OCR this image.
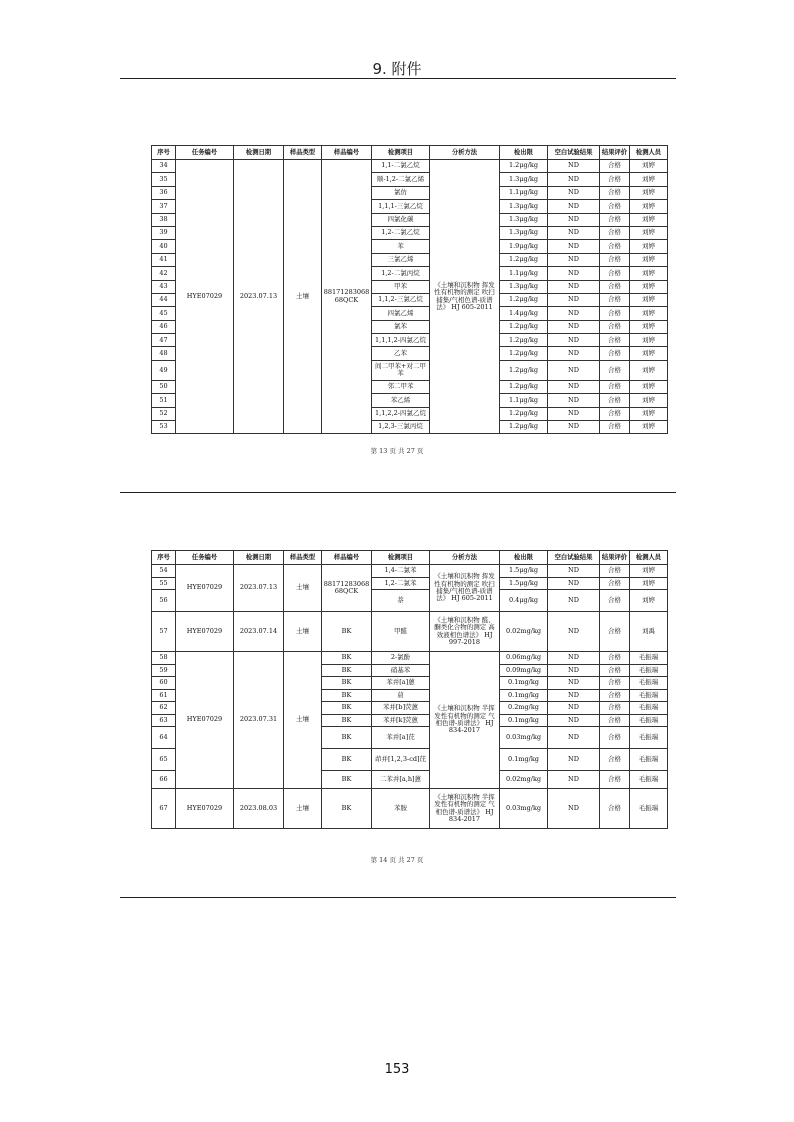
9. 附件
序号	任务编号	检测日期	样品类型	样品编号	检测项目	分析方法	检出限	空白试验结果	结果评价	检测人员
34	HYE07029	2023.07.13	土壤	88171283068 68QCK	1,1-二氯乙烷	《土壤和沉积物 挥发性有机物的测定 吹扫捕集/气相色谱-质谱法》 HJ 605-2011	1.2μg/kg	ND	合格	刘婷
35					顺-1,2-二氯乙烯		1.3μg/kg	ND	合格	刘婷
36					氯仿		1.1μg/kg	ND	合格	刘婷
37					1,1,1-三氯乙烷		1.3μg/kg	ND	合格	刘婷
38					四氯化碳		1.3μg/kg	ND	合格	刘婷
39					1,2-二氯乙烷		1.3μg/kg	ND	合格	刘婷
40					苯		1.9μg/kg	ND	合格	刘婷
41					三氯乙烯		1.2μg/kg	ND	合格	刘婷
42					1,2-二氯丙烷		1.1μg/kg	ND	合格	刘婷
43					甲苯		1.3μg/kg	ND	合格	刘婷
44					1,1,2-三氯乙烷		1.2μg/kg	ND	合格	刘婷
45					四氯乙烯		1.4μg/kg	ND	合格	刘婷
46					氯苯		1.2μg/kg	ND	合格	刘婷
47					1,1,1,2-四氯乙烷		1.2μg/kg	ND	合格	刘婷
48					乙苯		1.2μg/kg	ND	合格	刘婷
49					间二甲苯+对二甲苯		1.2μg/kg	ND	合格	刘婷
50					邻二甲苯		1.2μg/kg	ND	合格	刘婷
51					苯乙烯		1.1μg/kg	ND	合格	刘婷
52					1,1,2,2-四氯乙烷		1.2μg/kg	ND	合格	刘婷
53					1,2,3-三氯丙烷		1.2μg/kg	ND	合格	刘婷
第 13 页 共 27 页
序号	任务编号	检测日期	样品类型	样品编号	检测项目	分析方法	检出限	空白试验结果	结果评价	检测人员
54	HYE07029	2023.07.13	土壤	88171283068 68QCK	1,4-二氯苯	《土壤和沉积物 挥发性有机物的测定 吹扫捕集/气相色谱-质谱法》 HJ 605-2011	1.5μg/kg	ND	合格	刘婷
55					1,2-二氯苯		1.5μg/kg	ND	合格	刘婷
56					萘		0.4μg/kg	ND	合格	刘婷
57	HYE07029	2023.07.14	土壤	BK	甲醛	《土壤和沉积物 醛、酮类化合物的测定 高效液相色谱法》 HJ 997-2018	0.02mg/kg	ND	合格	刘禹
58	HYE07029	2023.07.31	土壤	BK	2-氯酚	《土壤和沉积物 半挥发性有机物的测定 气相色谱-质谱法》 HJ 834-2017	0.06mg/kg	ND	合格	毛振瑞
59				BK	硝基苯		0.09mg/kg	ND	合格	毛振瑞
60				BK	苯并[a]蒽		0.1mg/kg	ND	合格	毛振瑞
61				BK	䓛		0.1mg/kg	ND	合格	毛振瑞
62				BK	苯并[b]荧蒽		0.2mg/kg	ND	合格	毛振瑞
63				BK	苯并[k]荧蒽		0.1mg/kg	ND	合格	毛振瑞
64				BK	苯并[a]芘		0.03mg/kg	ND	合格	毛振瑞
65				BK	茚并[1,2,3-cd]芘		0.1mg/kg	ND	合格	毛振瑞
66				BK	二苯并[a,h]蒽		0.02mg/kg	ND	合格	毛振瑞
67	HYE07029	2023.08.03	土壤	BK	苯胺	《土壤和沉积物 半挥发性有机物的测定 气相色谱-质谱法》 HJ 834-2017	0.03mg/kg	ND	合格	毛振瑞
第 14 页 共 27 页
153
